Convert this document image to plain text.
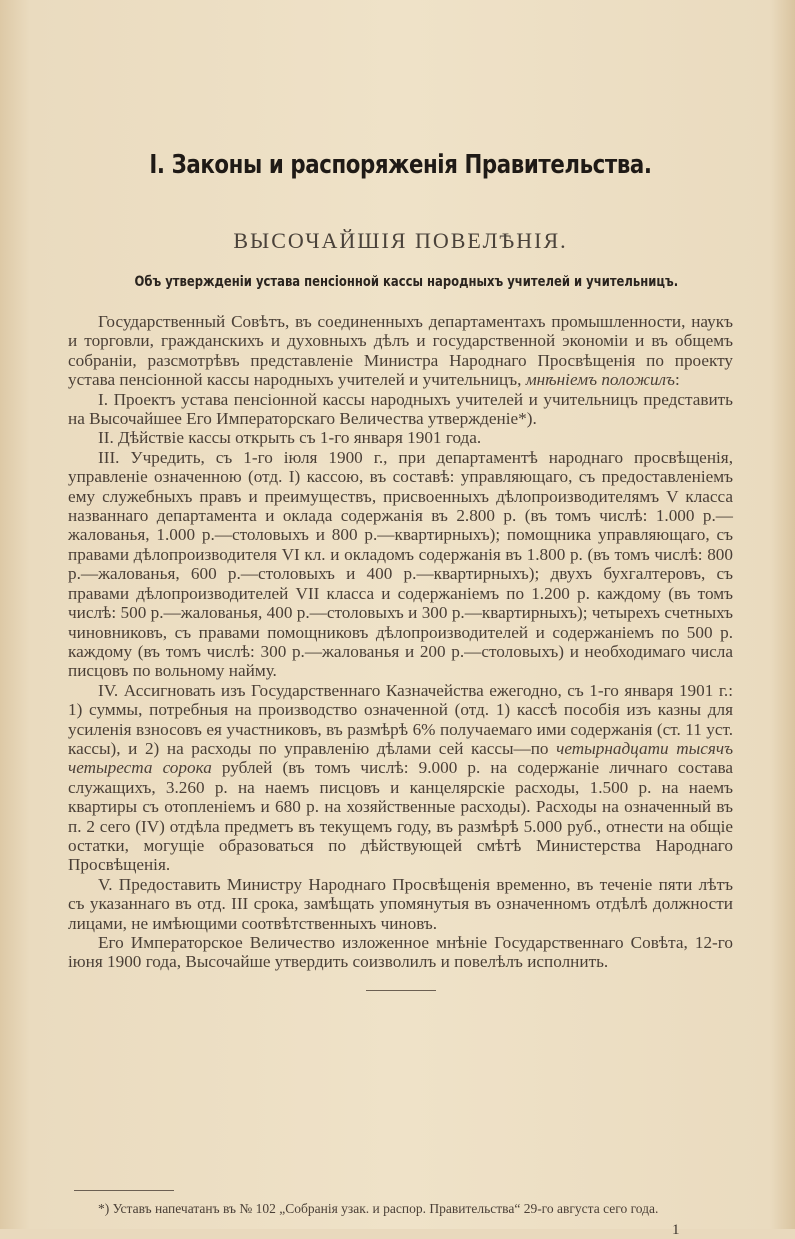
I. Законы и распоряженія Правительства.
ВЫСОЧАЙШІЯ ПОВЕЛѢНІЯ.
Объ утвержденіи устава пенсіонной кассы народныхъ учителей и учительницъ.

Государственный Совѣтъ, въ соединенныхъ департаментахъ промышленности, наукъ и торговли, гражданскихъ и духовныхъ дѣлъ и государственной экономіи и въ общемъ собраніи, разсмотрѣвъ представленіе Министра Народнаго Просвѣщенія по проекту устава пенсіонной кассы народныхъ учителей и учительницъ, мнѣніемъ положилъ:

I. Проектъ устава пенсіонной кассы народныхъ учителей и учительницъ представить на Высочайшее Его Императорскаго Величества утвержденіе*).

II. Дѣйствіе кассы открыть съ 1-го января 1901 года.

III. Учредить, съ 1-го іюля 1900 г., при департаментѣ народнаго просвѣщенія, управленіе означенною (отд. I) кассою, въ составѣ: управляющаго, съ предоставленіемъ ему служебныхъ правъ и преимуществъ, присвоенныхъ дѣлопроизводителямъ V класса названнаго департамента и оклада содержанія въ 2.800 р. (въ томъ числѣ: 1.000 р.—жалованья, 1.000 р.—столовыхъ и 800 р.—квартирныхъ); помощника управляющаго, съ правами дѣлопроизводителя VI кл. и окладомъ содержанія въ 1.800 р. (въ томъ числѣ: 800 р.—жалованья, 600 р.—столовыхъ и 400 р.—квартирныхъ); двухъ бухгалтеровъ, съ правами дѣлопроизводителей VII класса и содержаніемъ по 1.200 р. каждому (въ томъ числѣ: 500 р.—жалованья, 400 р.—столовыхъ и 300 р.—квартирныхъ); четырехъ счетныхъ чиновниковъ, съ правами помощниковъ дѣлопроизводителей и содержаніемъ по 500 р. каждому (въ томъ числѣ: 300 р.—жалованья и 200 р.—столовыхъ) и необходимаго числа писцовъ по вольному найму.

IV. Ассигновать изъ Государственнаго Казначейства ежегодно, съ 1-го января 1901 г.: 1) суммы, потребныя на производство означенной (отд. 1) кассѣ пособія изъ казны для усиленія взносовъ ея участниковъ, въ размѣрѣ 6% получаемаго ими содержанія (ст. 11 уст. кассы), и 2) на расходы по управленію дѣлами сей кассы—по четырнадцати тысячъ четыреста сорока рублей (въ томъ числѣ: 9.000 р. на содержаніе личнаго состава служащихъ, 3.260 р. на наемъ писцовъ и канцелярскіе расходы, 1.500 р. на наемъ квартиры съ отопленіемъ и 680 р. на хозяйственные расходы). Расходы на означенный въ п. 2 сего (IV) отдѣла предметъ въ текущемъ году, въ размѣрѣ 5.000 руб., отнести на общіе остатки, могущіе образоваться по дѣйствующей смѣтѣ Министерства Народнаго Просвѣщенія.

V. Предоставить Министру Народнаго Просвѣщенія временно, въ теченіе пяти лѣтъ съ указаннаго въ отд. III срока, замѣщать упомянутыя въ означенномъ отдѣлѣ должности лицами, не имѣющими соотвѣтственныхъ чиновъ.

Его Императорское Величество изложенное мнѣніе Государственнаго Совѣта, 12-го іюня 1900 года, Высочайше утвердить соизволилъ и повелѣлъ исполнить.

*) Уставъ напечатанъ въ № 102 „Собранія узак. и распор. Правительства“ 29-го августа сего года.

1
